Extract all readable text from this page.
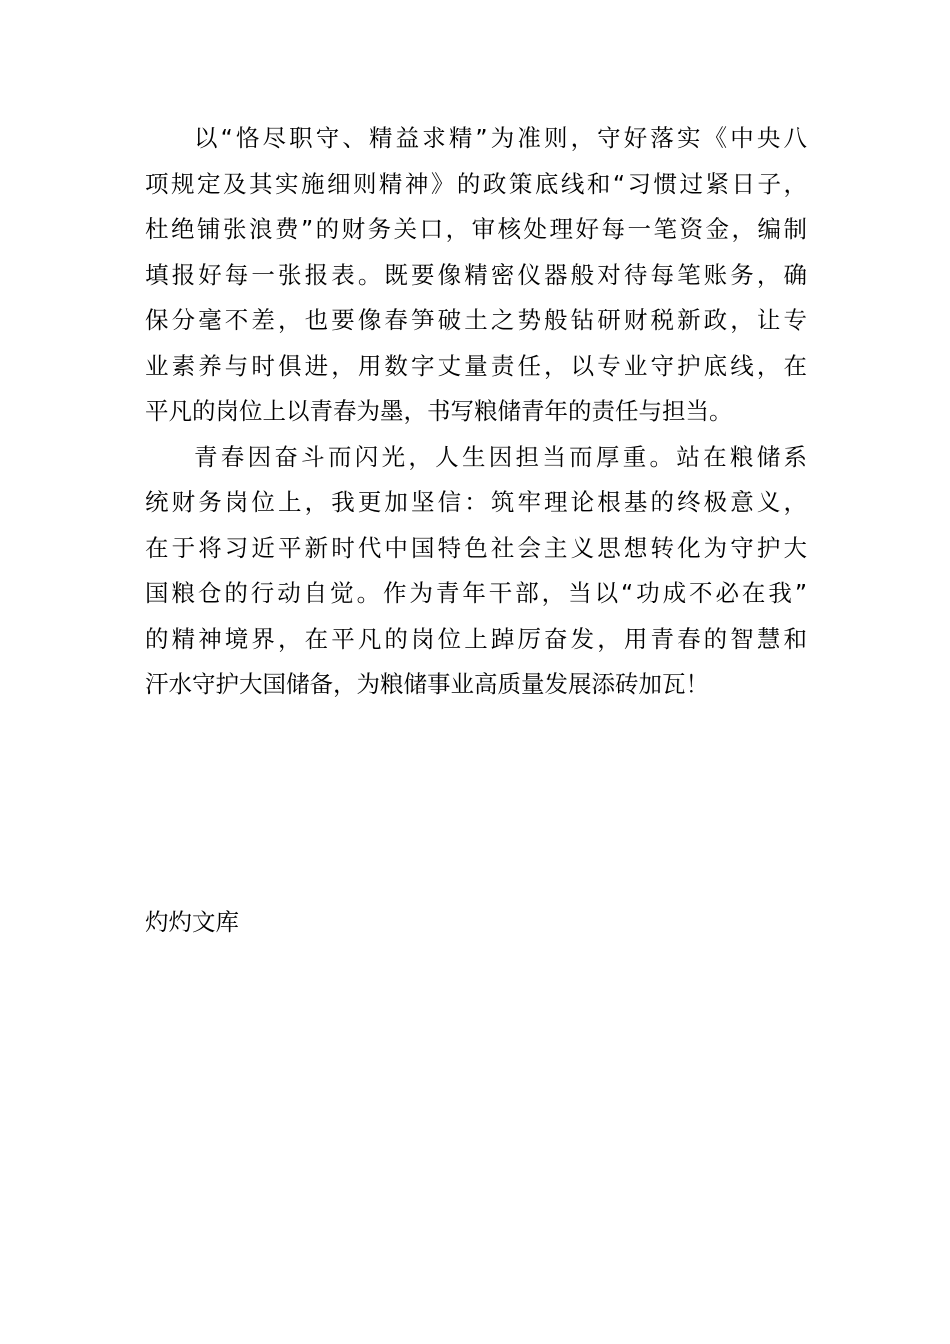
以“恪尽职守、精益求精”为准则，守好落实《中央八
项规定及其实施细则精神》的政策底线和“习惯过紧日子，
杜绝铺张浪费”的财务关口，审核处理好每一笔资金，编制
填报好每一张报表。既要像精密仪器般对待每笔账务，确
保分毫不差，也要像春笋破土之势般钻研财税新政，让专
业素养与时俱进，用数字丈量责任，以专业守护底线，在
平凡的岗位上以青春为墨，书写粮储青年的责任与担当。
青春因奋斗而闪光，人生因担当而厚重。站在粮储系
统财务岗位上，我更加坚信：筑牢理论根基的终极意义，
在于将习近平新时代中国特色社会主义思想转化为守护大
国粮仓的行动自觉。作为青年干部，当以“功成不必在我”
的精神境界，在平凡的岗位上踔厉奋发，用青春的智慧和
汗水守护大国储备，为粮储事业高质量发展添砖加瓦！
灼灼文库
